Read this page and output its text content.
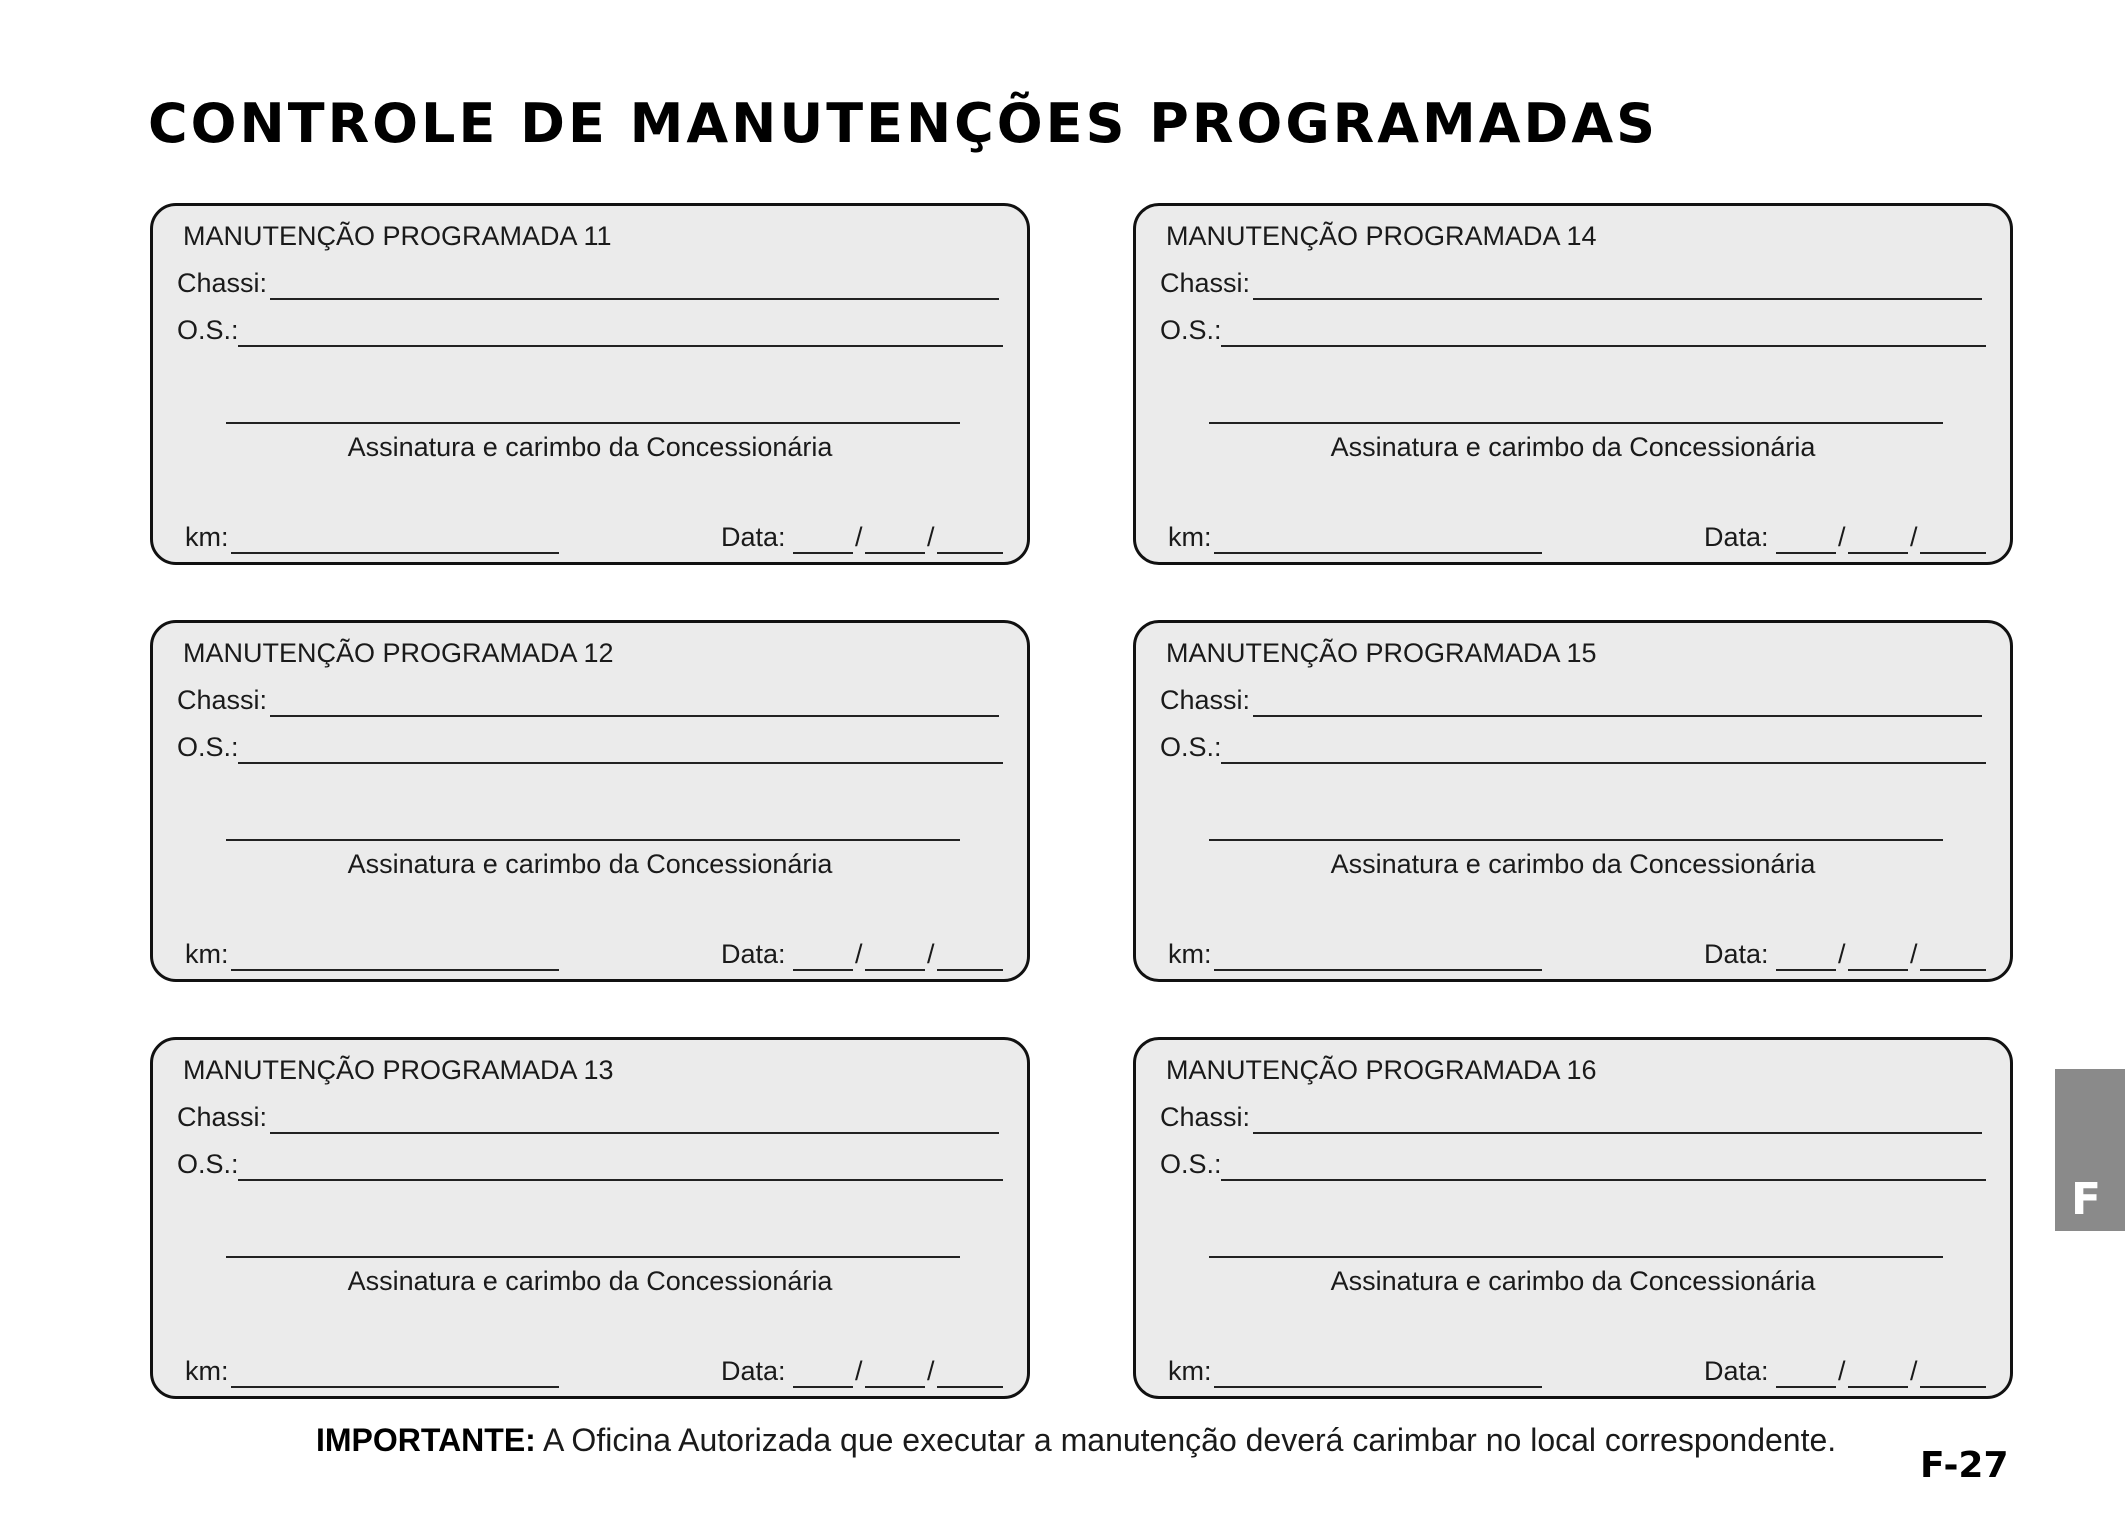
CONTROLE DE MANUTENÇÕES PROGRAMADAS
MANUTENÇÃO PROGRAMADA 11
Chassi:
O.S.:
Assinatura e carimbo da Concessionária
km:	Data:	/ /
MANUTENÇÃO PROGRAMADA 12
Chassi:
O.S.:
Assinatura e carimbo da Concessionária
km:	Data:	/ /
MANUTENÇÃO PROGRAMADA 13
Chassi:
O.S.:
Assinatura e carimbo da Concessionária
km:	Data:	/ /
MANUTENÇÃO PROGRAMADA 14
Chassi:
O.S.:
Assinatura e carimbo da Concessionária
km:	Data:	/ /
MANUTENÇÃO PROGRAMADA 15
Chassi:
O.S.:
Assinatura e carimbo da Concessionária
km:	Data:	/ /
MANUTENÇÃO PROGRAMADA 16
Chassi:
O.S.:
Assinatura e carimbo da Concessionária
km:	Data:	/ /
IMPORTANTE: A Oficina Autorizada que executar a manutenção deverá carimbar no local correspondente.
F-27
F
